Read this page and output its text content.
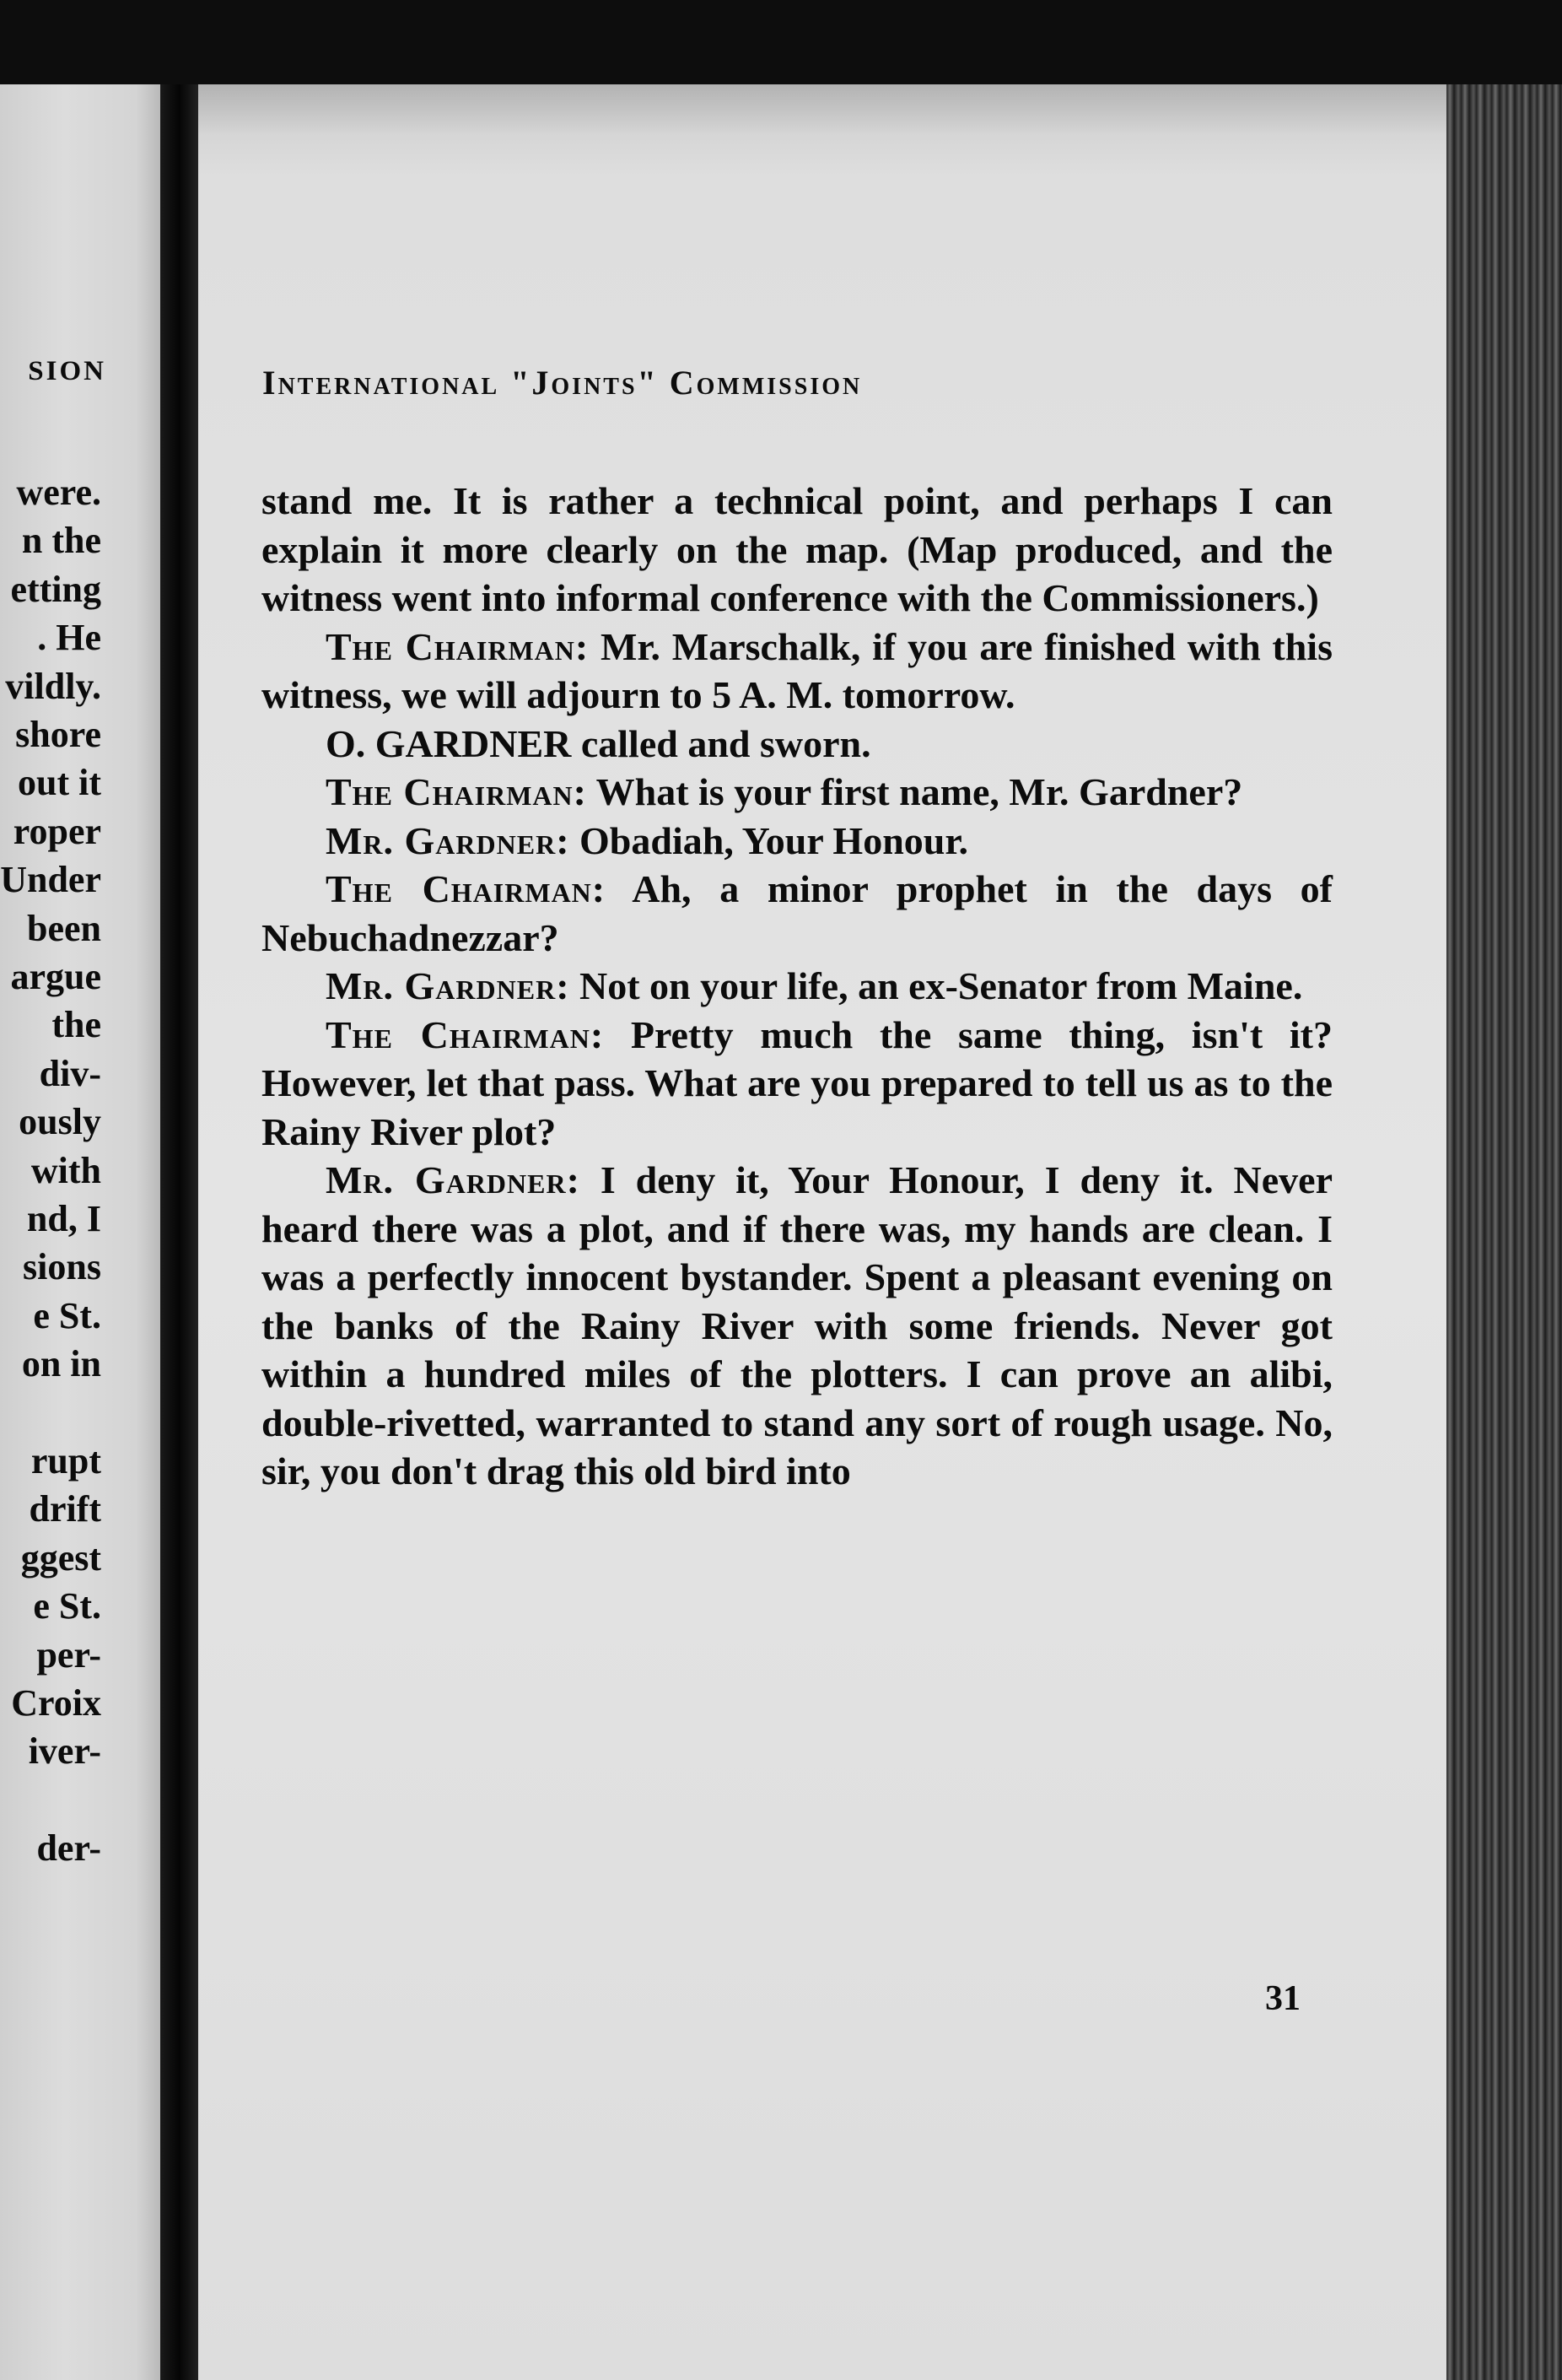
SION
were.
n the
etting
. He
vildly.
shore
out it
roper
Under
been
argue
the
div-
ously
with
nd, I
sions
e St.
on in
rupt
drift
ggest
e St.
per-
Croix
iver-
der-
International "Joints" Commission

stand me. It is rather a technical point, and perhaps I can explain it more clearly on the map. (Map produced, and the witness went into informal conference with the Commissioners.)

The Chairman: Mr. Marschalk, if you are finished with this witness, we will adjourn to 5 A. M. tomorrow.

O. GARDNER called and sworn.

The Chairman: What is your first name, Mr. Gardner?

Mr. Gardner: Obadiah, Your Honour.

The Chairman: Ah, a minor prophet in the days of Nebuchadnezzar?

Mr. Gardner: Not on your life, an ex-Senator from Maine.

The Chairman: Pretty much the same thing, isn't it? However, let that pass. What are you prepared to tell us as to the Rainy River plot?

Mr. Gardner: I deny it, Your Honour, I deny it. Never heard there was a plot, and if there was, my hands are clean. I was a perfectly innocent bystander. Spent a pleasant evening on the banks of the Rainy River with some friends. Never got within a hundred miles of the plotters. I can prove an alibi, double-rivetted, warranted to stand any sort of rough usage. No, sir, you don't drag this old bird into

31
